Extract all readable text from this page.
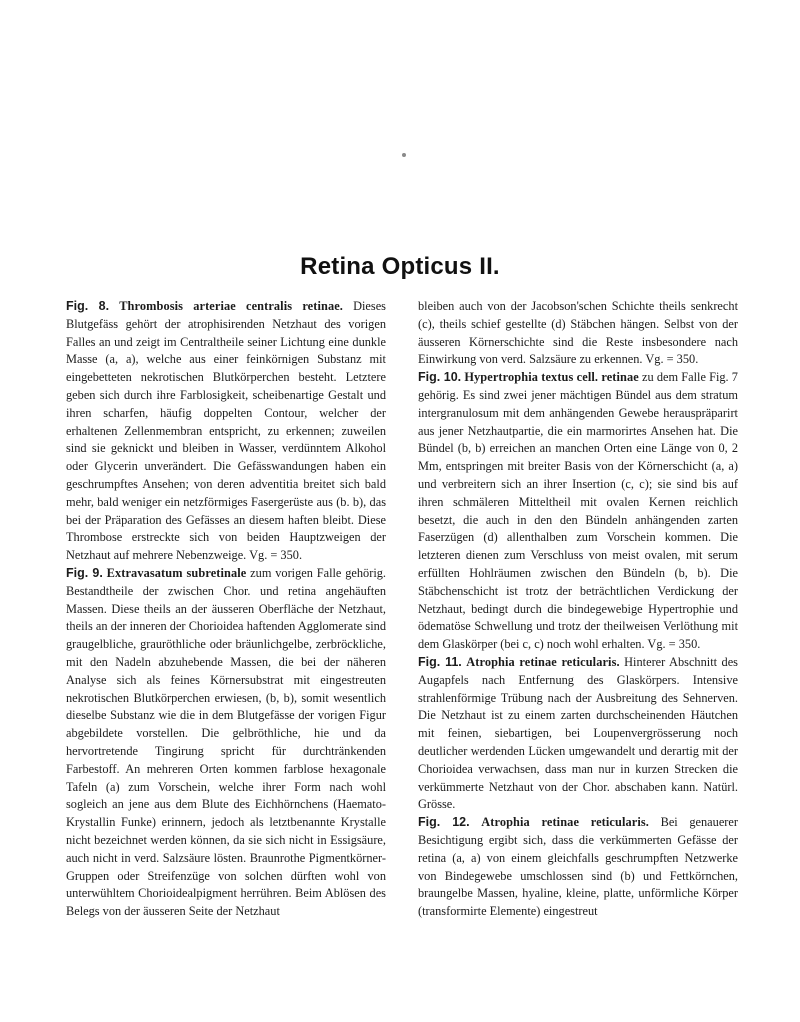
Retina Opticus II.

Fig. 8. Thrombosis arteriae centralis retinae. Dieses Blutgefäss gehört der atrophisirenden Netzhaut des vorigen Falles an und zeigt im Centraltheile seiner Lichtung eine dunkle Masse (a, a), welche aus einer feinkörnigen Substanz mit eingebetteten nekrotischen Blutkörperchen besteht. Letztere geben sich durch ihre Farblosigkeit, scheibenartige Gestalt und ihren scharfen, häufig doppelten Contour, welcher der erhaltenen Zellenmembran entspricht, zu erkennen; zuweilen sind sie geknickt und bleiben in Wasser, verdünntem Alkohol oder Glycerin unverändert. Die Gefässwandungen haben ein geschrumpftes Ansehen; von deren adventitia breitet sich bald mehr, bald weniger ein netzförmiges Fasergerüste aus (b. b), das bei der Präparation des Gefässes an diesem haften bleibt. Diese Thrombose erstreckte sich von beiden Hauptzweigen der Netzhaut auf mehrere Nebenzweige. Vg. = 350.

Fig. 9. Extravasatum subretinale zum vorigen Falle gehörig. Bestandtheile der zwischen Chor. und retina angehäuften Massen. Diese theils an der äusseren Oberfläche der Netzhaut, theils an der inneren der Chorioidea haftenden Agglomerate sind graugelbliche, grauröthliche oder bräunlichgelbe, zerbröckliche, mit den Nadeln abzuhebende Massen, die bei der näheren Analyse sich als feines Körnersubstrat mit eingestreuten nekrotischen Blutkörperchen erwiesen, (b, b), somit wesentlich dieselbe Substanz wie die in dem Blutgefässe der vorigen Figur abgebildete vorstellen. Die gelbröthliche, hie und da hervortretende Tingirung spricht für durchtränkenden Farbestoff. An mehreren Orten kommen farblose hexagonale Tafeln (a) zum Vorschein, welche ihrer Form nach wohl sogleich an jene aus dem Blute des Eichhörnchens (Haemato-Krystallin Funke) erinnern, jedoch als letztbenannte Krystalle nicht bezeichnet werden können, da sie sich nicht in Essigsäure, auch nicht in verd. Salzsäure lösten. Braunrothe Pigmentkörner-Gruppen oder Streifenzüge von solchen dürften wohl von unterwühltem Chorioidealpigment herrühren. Beim Ablösen des Belegs von der äusseren Seite der Netzhaut

bleiben auch von der Jacobson'schen Schichte theils senkrecht (c), theils schief gestellte (d) Stäbchen hängen. Selbst von der äusseren Körnerschichte sind die Reste insbesondere nach Einwirkung von verd. Salzsäure zu erkennen. Vg. = 350.

Fig. 10. Hypertrophia textus cell. retinae zu dem Falle Fig. 7 gehörig. Es sind zwei jener mächtigen Bündel aus dem stratum intergranulosum mit dem anhängenden Gewebe herauspräparirt aus jener Netzhautpartie, die ein marmorirtes Ansehen hat. Die Bündel (b, b) erreichen an manchen Orten eine Länge von 0, 2 Mm, entspringen mit breiter Basis von der Körnerschicht (a, a) und verbreitern sich an ihrer Insertion (c, c); sie sind bis auf ihren schmäleren Mitteltheil mit ovalen Kernen reichlich besetzt, die auch in den den Bündeln anhängenden zarten Faserzügen (d) allenthalben zum Vorschein kommen. Die letzteren dienen zum Verschluss von meist ovalen, mit serum erfüllten Hohlräumen zwischen den Bündeln (b, b). Die Stäbchenschicht ist trotz der beträchtlichen Verdickung der Netzhaut, bedingt durch die bindegewebige Hypertrophie und ödematöse Schwellung und trotz der theilweisen Verlöthung mit dem Glaskörper (bei c, c) noch wohl erhalten. Vg. = 350.

Fig. 11. Atrophia retinae reticularis. Hinterer Abschnitt des Augapfels nach Entfernung des Glaskörpers. Intensive strahlenförmige Trübung nach der Ausbreitung des Sehnerven. Die Netzhaut ist zu einem zarten durchscheinenden Häutchen mit feinen, siebartigen, bei Loupenvergrösserung noch deutlicher werdenden Lücken umgewandelt und derartig mit der Chorioidea verwachsen, dass man nur in kurzen Strecken die verkümmerte Netzhaut von der Chor. abschaben kann. Natürl. Grösse.

Fig. 12. Atrophia retinae reticularis. Bei genauerer Besichtigung ergibt sich, dass die verkümmerten Gefässe der retina (a, a) von einem gleichfalls geschrumpften Netzwerke von Bindegewebe umschlossen sind (b) und Fettkörnchen, braungelbe Massen, hyaline, kleine, platte, unförmliche Körper (transformirte Elemente) eingestreut
